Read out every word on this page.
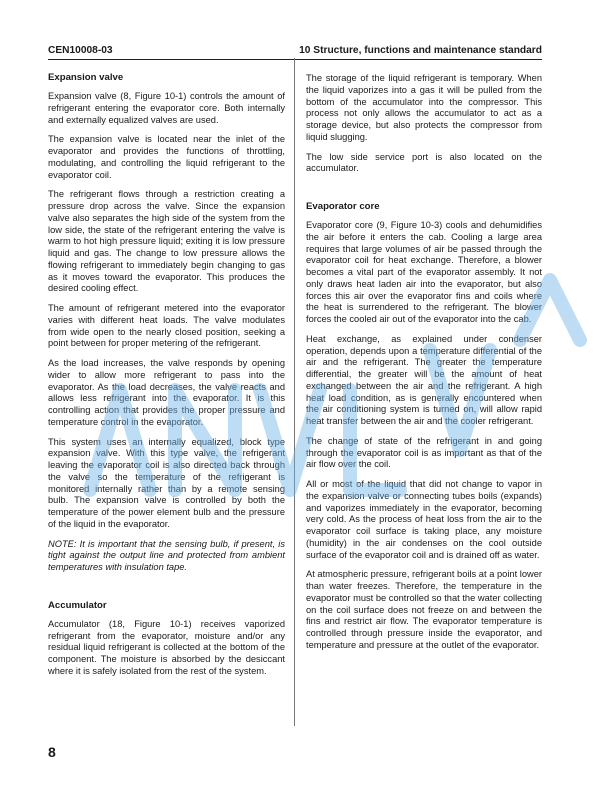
CEN10008-03	10 Structure, functions and maintenance standard
Expansion valve

Expansion valve (8, Figure 10-1) controls the amount of refrigerant entering the evaporator core. Both internally and externally equalized valves are used.

The expansion valve is located near the inlet of the evaporator and provides the functions of throttling, modulating, and controlling the liquid refrigerant to the evaporator coil.

The refrigerant flows through a restriction creating a pressure drop across the valve. Since the expansion valve also separates the high side of the system from the low side, the state of the refrigerant entering the valve is warm to hot high pressure liquid; exiting it is low pressure liquid and gas. The change to low pressure allows the flowing refrigerant to immediately begin changing to gas as it moves toward the evaporator. This produces the desired cooling effect.

The amount of refrigerant metered into the evaporator varies with different heat loads. The valve modulates from wide open to the nearly closed position, seeking a point between for proper metering of the refrigerant.

As the load increases, the valve responds by opening wider to allow more refrigerant to pass into the evaporator. As the load decreases, the valve reacts and allows less refrigerant into the evaporator. It is this controlling action that provides the proper pressure and temperature control in the evaporator.

This system uses an internally equalized, block type expansion valve. With this type valve, the refrigerant leaving the evaporator coil is also directed back through the valve so the temperature of the refrigerant is monitored internally rather than by a remote sensing bulb. The expansion valve is controlled by both the temperature of the power element bulb and the pressure of the liquid in the evaporator.

NOTE: It is important that the sensing bulb, if present, is tight against the output line and protected from ambient temperatures with insulation tape.

Accumulator

Accumulator (18, Figure 10-1) receives vaporized refrigerant from the evaporator, moisture and/or any residual liquid refrigerant is collected at the bottom of the component. The moisture is absorbed by the desiccant where it is safely isolated from the rest of the system.

The storage of the liquid refrigerant is temporary. When the liquid vaporizes into a gas it will be pulled from the bottom of the accumulator into the compressor. This process not only allows the accumulator to act as a storage device, but also protects the compressor from liquid slugging.

The low side service port is also located on the accumulator.

Evaporator core

Evaporator core (9, Figure 10-3) cools and dehumidifies the air before it enters the cab. Cooling a large area requires that large volumes of air be passed through the evaporator coil for heat exchange. Therefore, a blower becomes a vital part of the evaporator assembly. It not only draws heat laden air into the evaporator, but also forces this air over the evaporator fins and coils where the heat is surrendered to the refrigerant. The blower forces the cooled air out of the evaporator into the cab.

Heat exchange, as explained under condenser operation, depends upon a temperature differential of the air and the refrigerant. The greater the temperature differential, the greater will be the amount of heat exchanged between the air and the refrigerant. A high heat load condition, as is generally encountered when the air conditioning system is turned on, will allow rapid heat transfer between the air and the cooler refrigerant.

The change of state of the refrigerant in and going through the evaporator coil is as important as that of the air flow over the coil.

All or most of the liquid that did not change to vapor in the expansion valve or connecting tubes boils (expands) and vaporizes immediately in the evaporator, becoming very cold. As the process of heat loss from the air to the evaporator coil surface is taking place, any moisture (humidity) in the air condenses on the cool outside surface of the evaporator coil and is drained off as water.

At atmospheric pressure, refrigerant boils at a point lower than water freezes. Therefore, the temperature in the evaporator must be controlled so that the water collecting on the coil surface does not freeze on and between the fins and restrict air flow. The evaporator temperature is controlled through pressure inside the evaporator, and temperature and pressure at the outlet of the evaporator.

8
